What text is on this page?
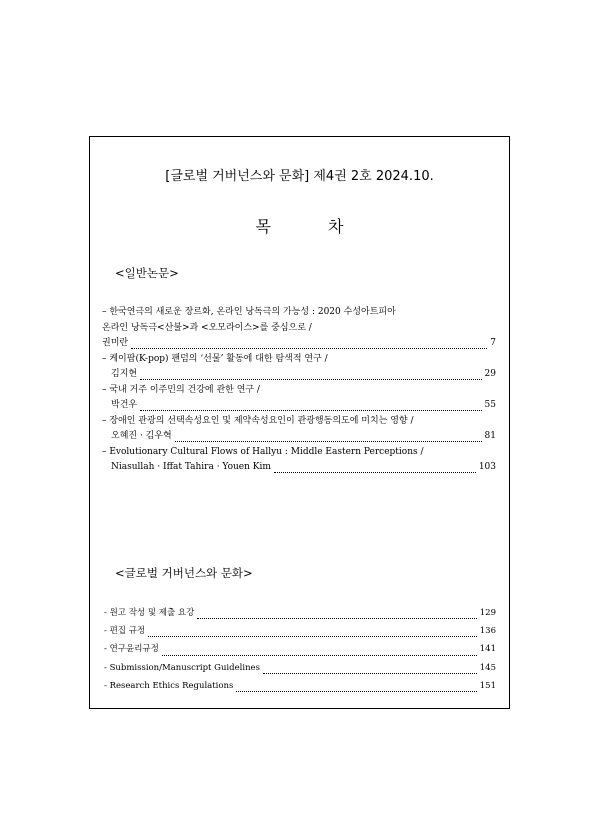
[글로벌 거버넌스와 문화] 제4권 2호 2024.10.
목 차
<일반논문>
– 한국연극의 새로운 장르화, 온라인 낭독극의 가능성 : 2020 수성아트피아
온라인 낭독극<산불>과 <오모라이스>를 중심으로 /
권미란	7
– 케이팝(K-pop) 팬덤의 ‘선물’ 활동에 대한 탐색적 연구 /
김지현	29
– 국내 거주 이주민의 건강에 관한 연구 /
박건우	55
– 장애인 관광의 선택속성요인 및 제약속성요인이 관광행동의도에 미치는 영향 /
오혜진 · 김우혁	81
– Evolutionary Cultural Flows of Hallyu : Middle Eastern Perceptions /
Niasullah · Iffat Tahira · Youen Kim	103
<글로벌 거버넌스와 문화>
- 원고 작성 및 제출 요강	129
- 편집 규정	136
- 연구윤리규정	141
- Submission/Manuscript Guidelines	145
- Research Ethics Regulations	151
